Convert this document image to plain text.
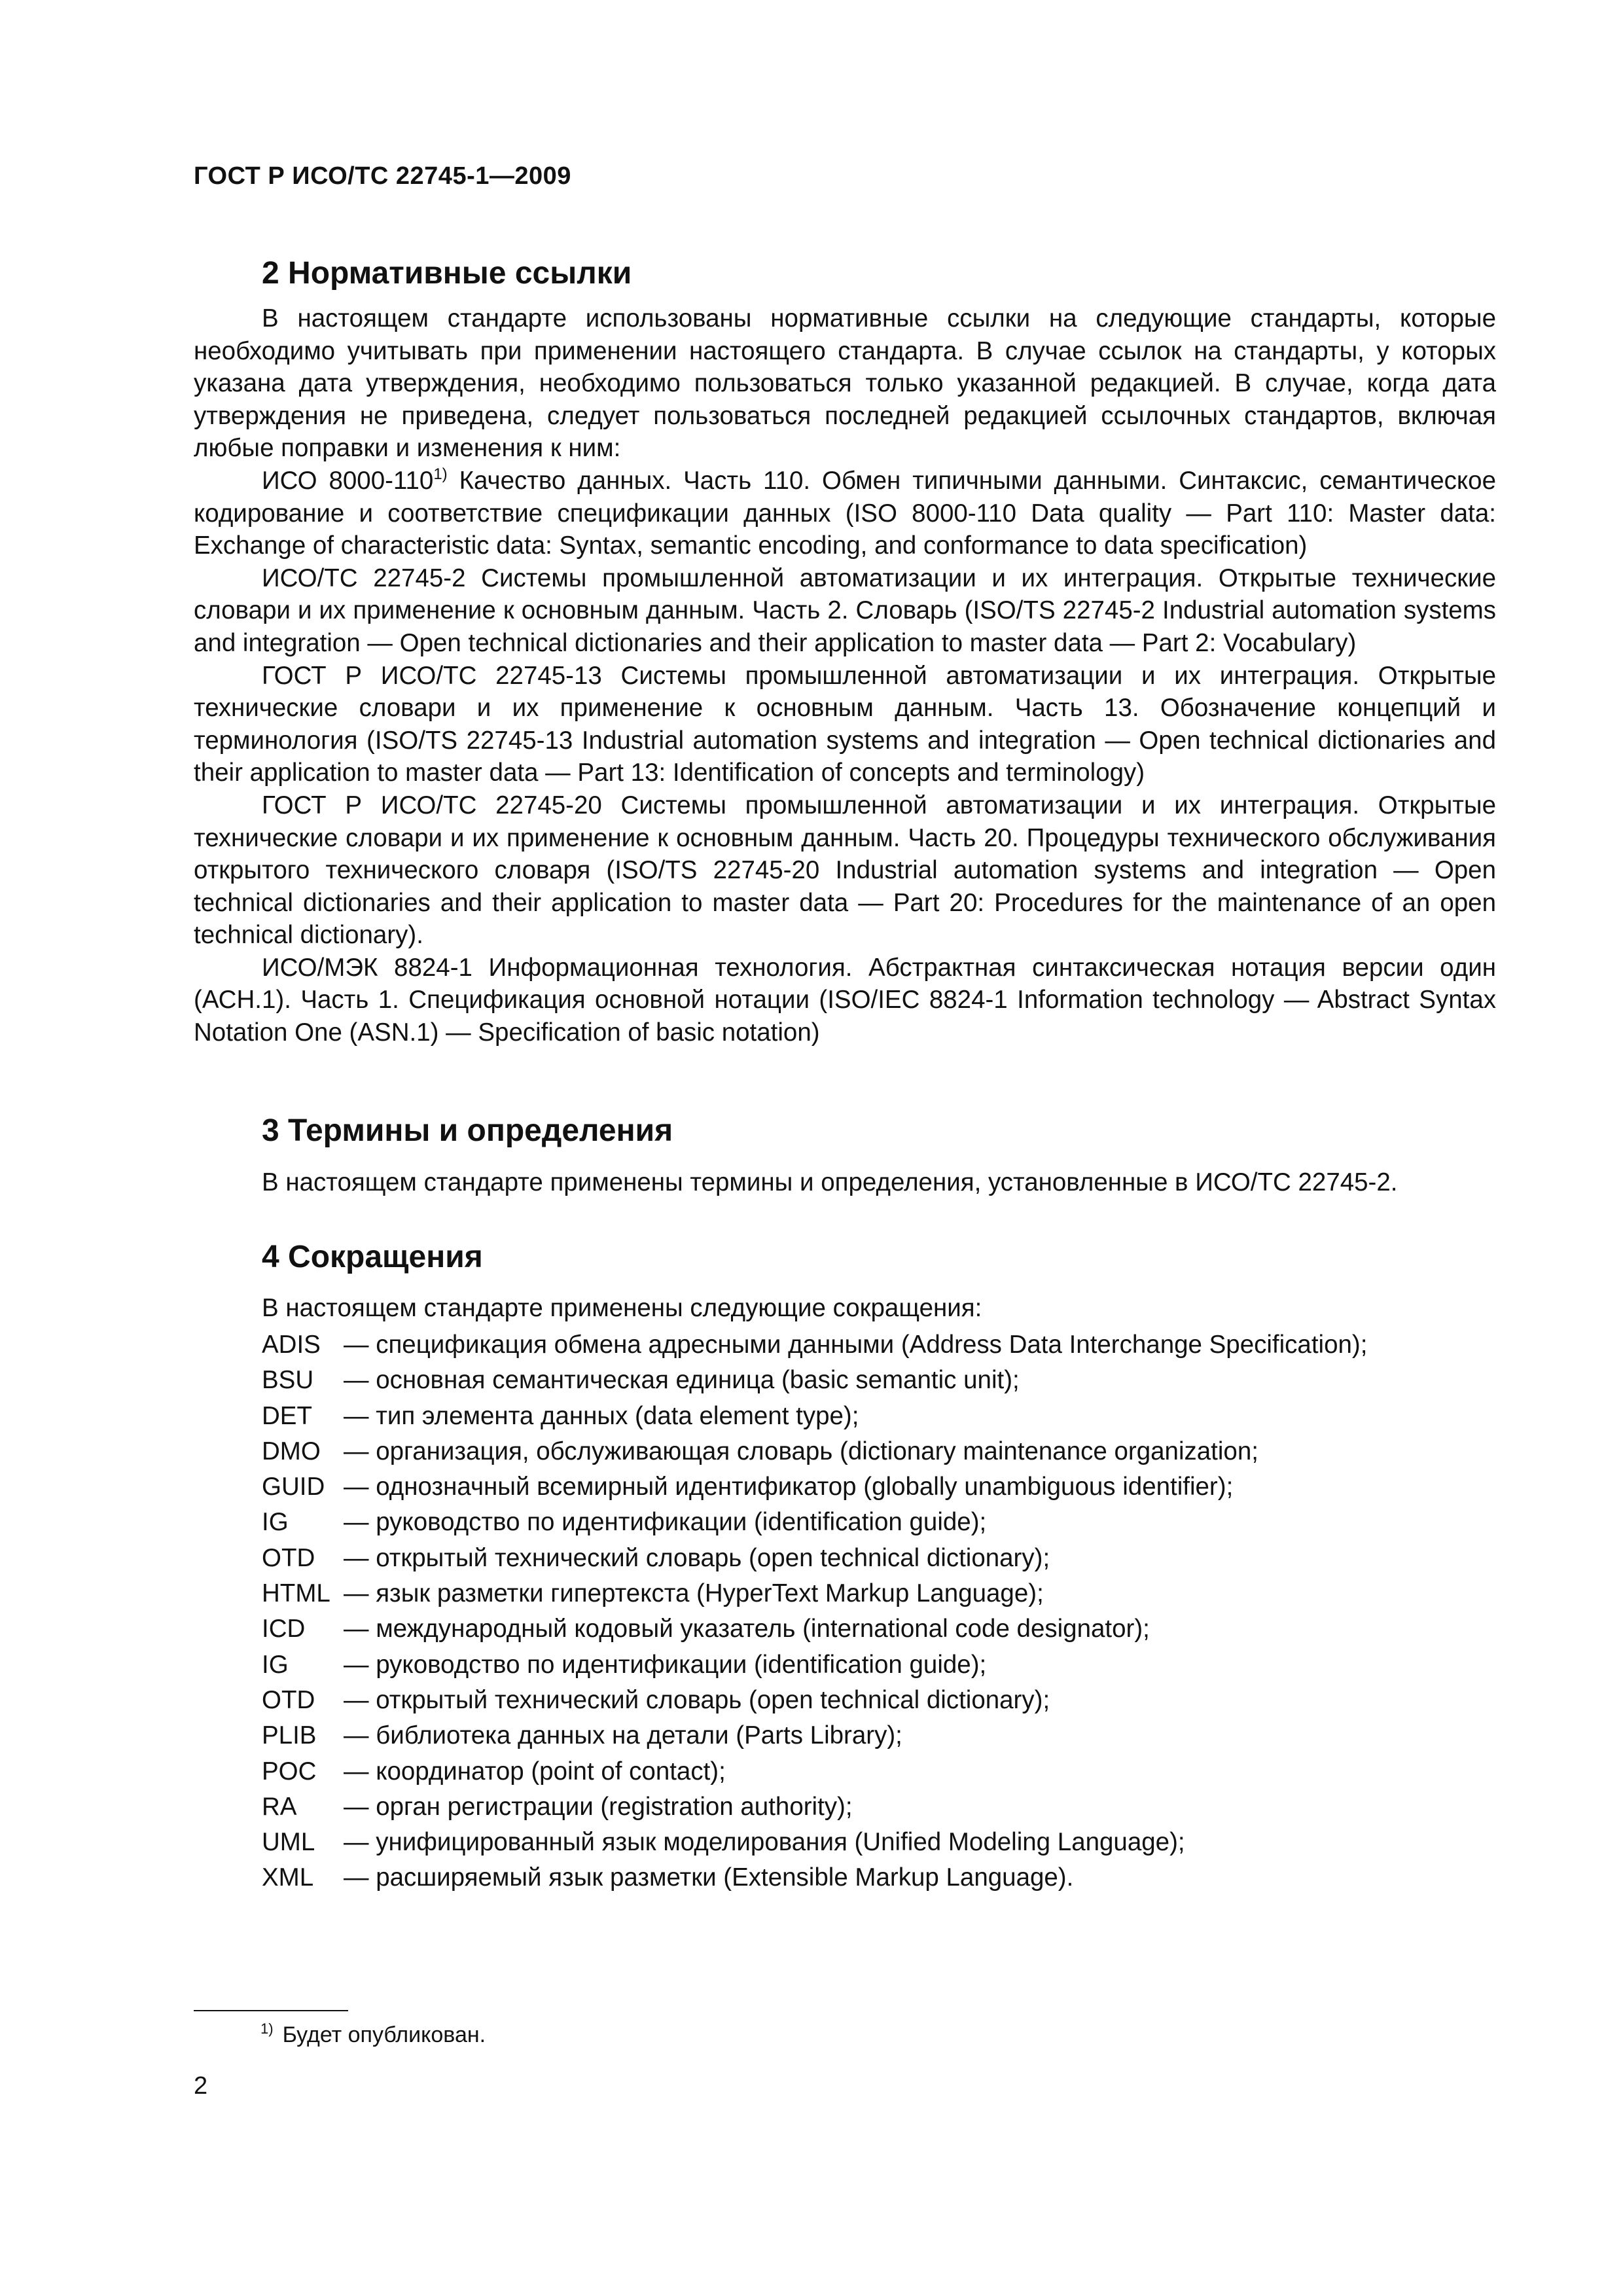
ГОСТ Р ИСО/ТС 22745-1—2009
2 Нормативные ссылки

В настоящем стандарте использованы нормативные ссылки на следующие стандарты, которые необходимо учитывать при применении настоящего стандарта. В случае ссылок на стандарты, у которых указана дата утверждения, необходимо пользоваться только указанной редакцией. В случае, когда дата утверждения не приведена, следует пользоваться последней редакцией ссылочных стандартов, включая любые поправки и изменения к ним:

ИСО 8000-110$^{1)}$ Качество данных. Часть 110. Обмен типичными данными. Синтаксис, семантическое кодирование и соответствие спецификации данных (ISO 8000-110 Data quality — Part 110: Master data: Exchange of characteristic data: Syntax, semantic encoding, and conformance to data specification)

ИСО/ТС 22745-2 Системы промышленной автоматизации и их интеграция. Открытые технические словари и их применение к основным данным. Часть 2. Словарь (ISO/TS 22745-2 Industrial automation systems and integration — Open technical dictionaries and their application to master data — Part 2: Vocabulary)

ГОСТ Р ИСО/ТС 22745-13 Системы промышленной автоматизации и их интеграция. Открытые технические словари и их применение к основным данным. Часть 13. Обозначение концепций и терминология (ISO/TS 22745-13 Industrial automation systems and integration — Open technical dictionaries and their application to master data — Part 13: Identification of concepts and terminology)

ГОСТ Р ИСО/ТС 22745-20 Системы промышленной автоматизации и их интеграция. Открытые технические словари и их применение к основным данным. Часть 20. Процедуры технического обслуживания открытого технического словаря (ISO/TS 22745-20 Industrial automation systems and integration — Open technical dictionaries and their application to master data — Part 20: Procedures for the maintenance of an open technical dictionary).

ИСО/МЭК 8824-1 Информационная технология. Абстрактная синтаксическая нотация версии один (АСН.1). Часть 1. Спецификация основной нотации (ISO/IEC 8824-1 Information technology — Abstract Syntax Notation One (ASN.1) — Specification of basic notation)

3 Термины и определения
В настоящем стандарте применены термины и определения, установленные в ИСО/ТС 22745-2.
4 Сокращения
В настоящем стандарте применены следующие сокращения:
ADIS — спецификация обмена адресными данными (Address Data Interchange Specification);
BSU	— основная семантическая единица (basic semantic unit);
DET	— тип элемента данных (data element type);
DMO — организация, обслуживающая словарь (dictionary maintenance organization;
GUID — однозначный всемирный идентификатор (globally unambiguous identifier);
IG	— руководство по идентификации (identification guide);
OTD	— открытый технический словарь (open technical dictionary);
HTML — язык разметки гипертекста (HyperText Markup Language);
ICD	— международный кодовый указатель (international code designator);
IG	— руководство по идентификации (identification guide);
OTD	— открытый технический словарь (open technical dictionary);
PLIB	— библиотека данных на детали (Parts Library);
POC	— координатор (point of contact);
RA	— орган регистрации (registration authority);
UML	— унифицированный язык моделирования (Unified Modeling Language);
XML	— расширяемый язык разметки (Extensible Markup Language).
$^{1)}$ Будет опубликован.
2
